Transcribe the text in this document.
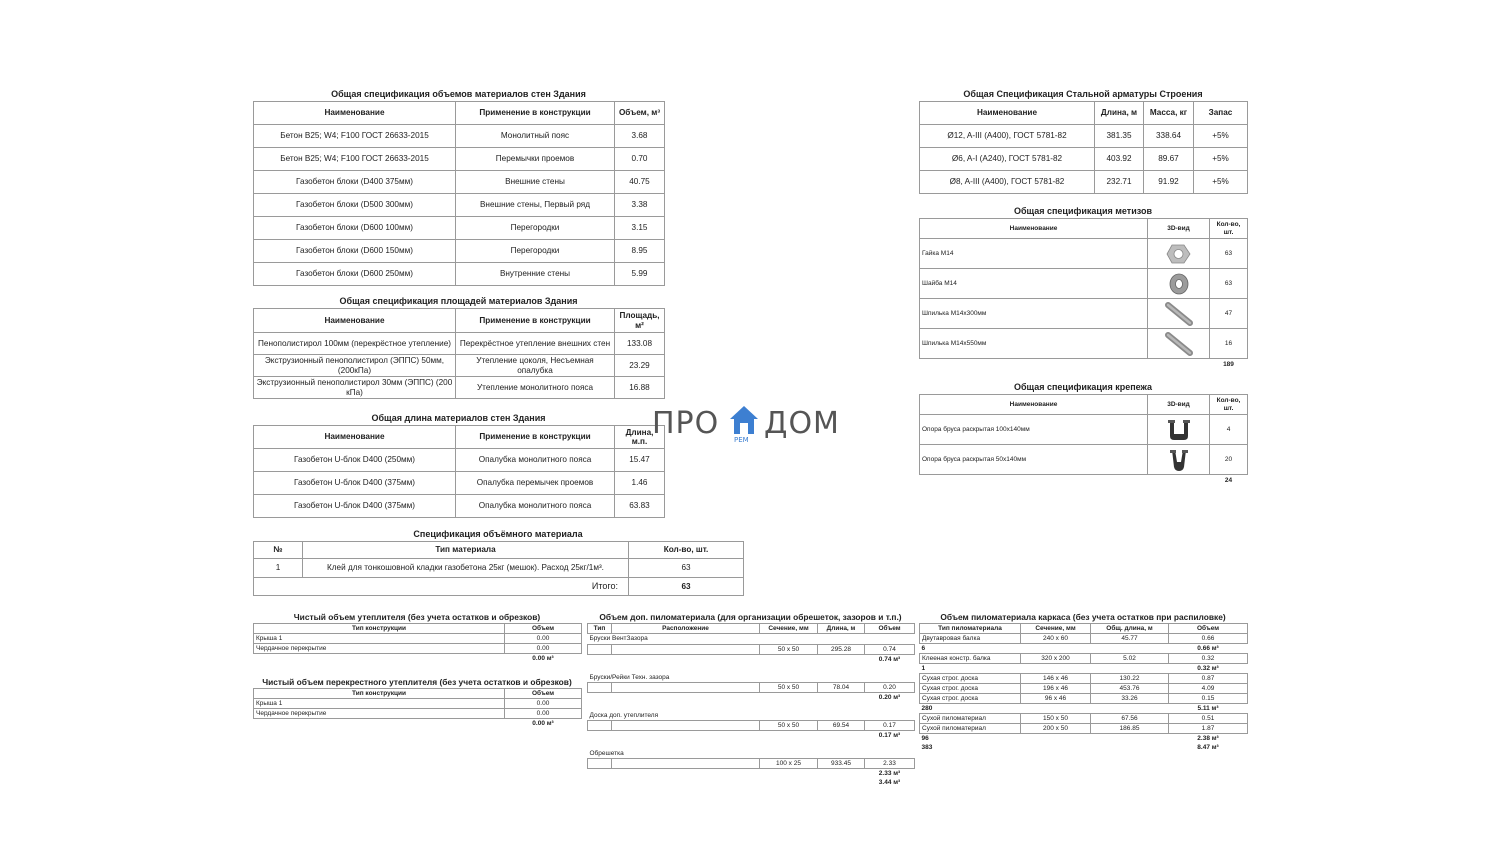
Общая спецификация объемов материалов стен Здания
Наименование	Применение в конструкции	Объем, м³
Бетон B25; W4; F100 ГОСТ 26633-2015	Монолитный пояс	3.68
Бетон B25; W4; F100 ГОСТ 26633-2015	Перемычки проемов	0.70
Газобетон блоки (D400 375мм)	Внешние стены	40.75
Газобетон блоки (D500 300мм)	Внешние стены, Первый ряд	3.38
Газобетон блоки (D600 100мм)	Перегородки	3.15
Газобетон блоки (D600 150мм)	Перегородки	8.95
Газобетон блоки (D600 250мм)	Внутренние стены	5.99
Общая спецификация площадей материалов Здания
Наименование	Применение в конструкции	Площадь, м²
Пенополистирол 100мм (перекрёстное утепление)	Перекрёстное утепление внешних стен	133.08
Экструзионный пенополистирол (ЭППС) 50мм, (200кПа)	Утепление цоколя, Несъемная опалубка	23.29
Экструзионный пенополистирол 30мм (ЭППС) (200 кПа)	Утепление монолитного пояса	16.88
Общая длина материалов стен Здания
Наименование	Применение в конструкции	Длина, м.п.
Газобетон U-блок D400 (250мм)	Опалубка монолитного пояса	15.47
Газобетон U-блок D400 (375мм)	Опалубка перемычек проемов	1.46
Газобетон U-блок D400 (375мм)	Опалубка монолитного пояса	63.83
Спецификация объёмного материала
№	Тип материала	Кол-во, шт.
1	Клей для тонкошовной кладки газобетона 25кг (мешок). Расход 25кг/1м³.	63
Итого:		63
Общая Спецификация Стальной арматуры Строения
Наименование	Длина, м	Масса, кг	Запас
Ø12, A-III (A400), ГОСТ 5781-82	381.35	338.64	+5%
Ø6, A-I (A240), ГОСТ 5781-82	403.92	89.67	+5%
Ø8, A-III (A400), ГОСТ 5781-82	232.71	91.92	+5%
Общая спецификация метизов
Наименование	3D-вид	Кол-во, шт.
Гайка М14		63
Шайба М14		63
Шпилька М14х300мм		47
Шпилька М14х550мм		16
		189
Общая спецификация крепежа
Наименование	3D-вид	Кол-во, шт.
Опора бруса раскрытая 100х140мм		4
Опора бруса раскрытая 50х140мм		20
		24
Чистый объем утеплителя (без учета остатков и обрезков)
Тип конструкции	Объем
Крыша 1	0.00
Чердачное перекрытие	0.00
	0.00 м³
Чистый объем перекрестного утеплителя (без учета остатков и обрезков)
Тип конструкции	Объем
Крыша 1	0.00
Чердачное перекрытие	0.00
	0.00 м³
Объем доп. пиломатериала (для организации обрешеток, зазоров и т.п.)
Тип	Расположение	Сечение, мм	Длина, м	Объем
Бруски ВентЗазора				
		50 x 50	295.28	0.74
				0.74 м³

Бруски/Рейки Техн. зазора				
		50 x 50	78.04	0.20
				0.20 м³

Доска доп. утеплителя				
		50 x 50	69.54	0.17
				0.17 м³

Обрешетка				
		100 x 25	933.45	2.33
				2.33 м³
				3.44 м³
Объем пиломатериала каркаса (без учета остатков при распиловке)
Тип пиломатериала	Сечение, мм	Общ. длина, м	Объем
Двутавровая балка	240 x 60	45.77	0.66
6			0.66 м³
Клееная констр. балка	320 x 200	5.02	0.32
1			0.32 м³
Сухая строг. доска	146 x 46	130.22	0.87
Сухая строг. доска	196 x 46	453.76	4.09
Сухая строг. доска	96 x 46	33.26	0.15
280			5.11 м³
Сухой пиломатериал	150 x 50	67.56	0.51
Сухой пиломатериал	200 x 50	186.85	1.87
96			2.38 м³
383			8.47 м³
ПРО РЕМ ДОМ
